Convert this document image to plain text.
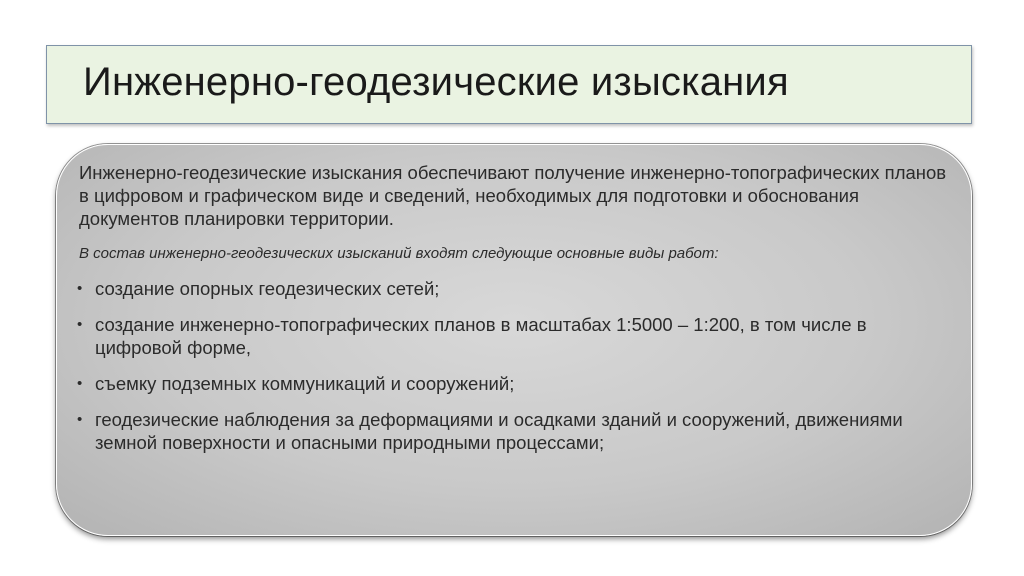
Инженерно-геодезические изыскания

Инженерно-геодезические изыскания обеспечивают получение инженерно-топографических планов в цифровом и графическом виде и сведений, необходимых для подготовки и обоснования документов планировки территории.

В состав инженерно-геодезических изысканий входят следующие основные виды работ:

• создание опорных геодезических сетей;
• создание инженерно-топографических планов в масштабах 1:5000 – 1:200, в том числе в цифровой форме,
• съемку подземных коммуникаций и сооружений;
• геодезические наблюдения за деформациями и осадками зданий и сооружений, движениями земной поверхности и опасными природными процессами;
